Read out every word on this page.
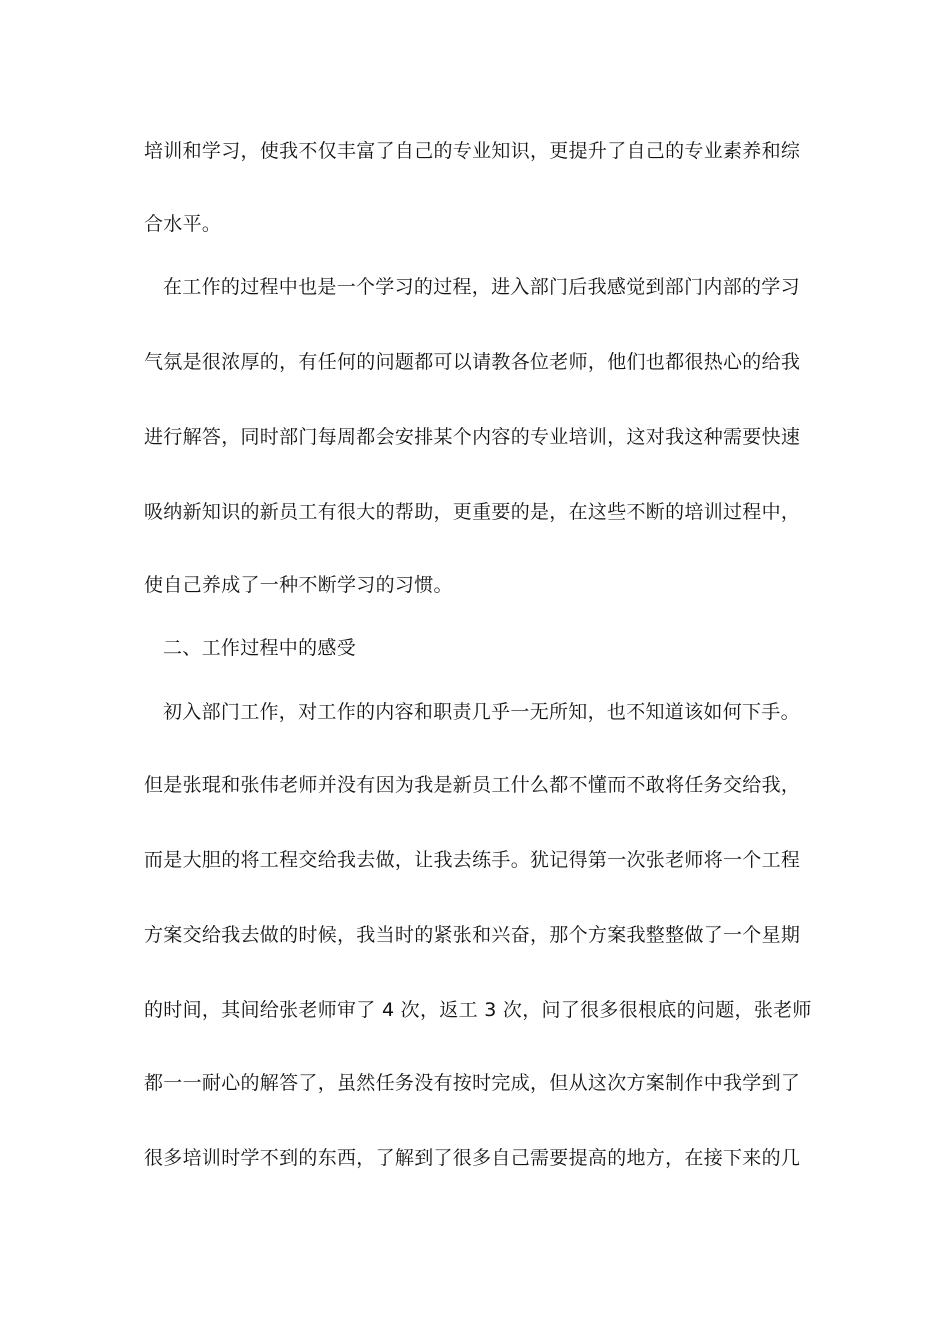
培训和学习，使我不仅丰富了自己的专业知识，更提升了自己的专业素养和综
合水平。
在工作的过程中也是一个学习的过程，进入部门后我感觉到部门内部的学习
气氛是很浓厚的，有任何的问题都可以请教各位老师，他们也都很热心的给我
进行解答，同时部门每周都会安排某个内容的专业培训，这对我这种需要快速
吸纳新知识的新员工有很大的帮助，更重要的是，在这些不断的培训过程中，
使自己养成了一种不断学习的习惯。
二、工作过程中的感受
初入部门工作，对工作的内容和职责几乎一无所知，也不知道该如何下手。
但是张琨和张伟老师并没有因为我是新员工什么都不懂而不敢将任务交给我，
而是大胆的将工程交给我去做，让我去练手。犹记得第一次张老师将一个工程
方案交给我去做的时候，我当时的紧张和兴奋，那个方案我整整做了一个星期
的时间，其间给张老师审了 4 次，返工 3 次，问了很多很根底的问题，张老师
都一一耐心的解答了，虽然任务没有按时完成，但从这次方案制作中我学到了
很多培训时学不到的东西，了解到了很多自己需要提高的地方，在接下来的几
